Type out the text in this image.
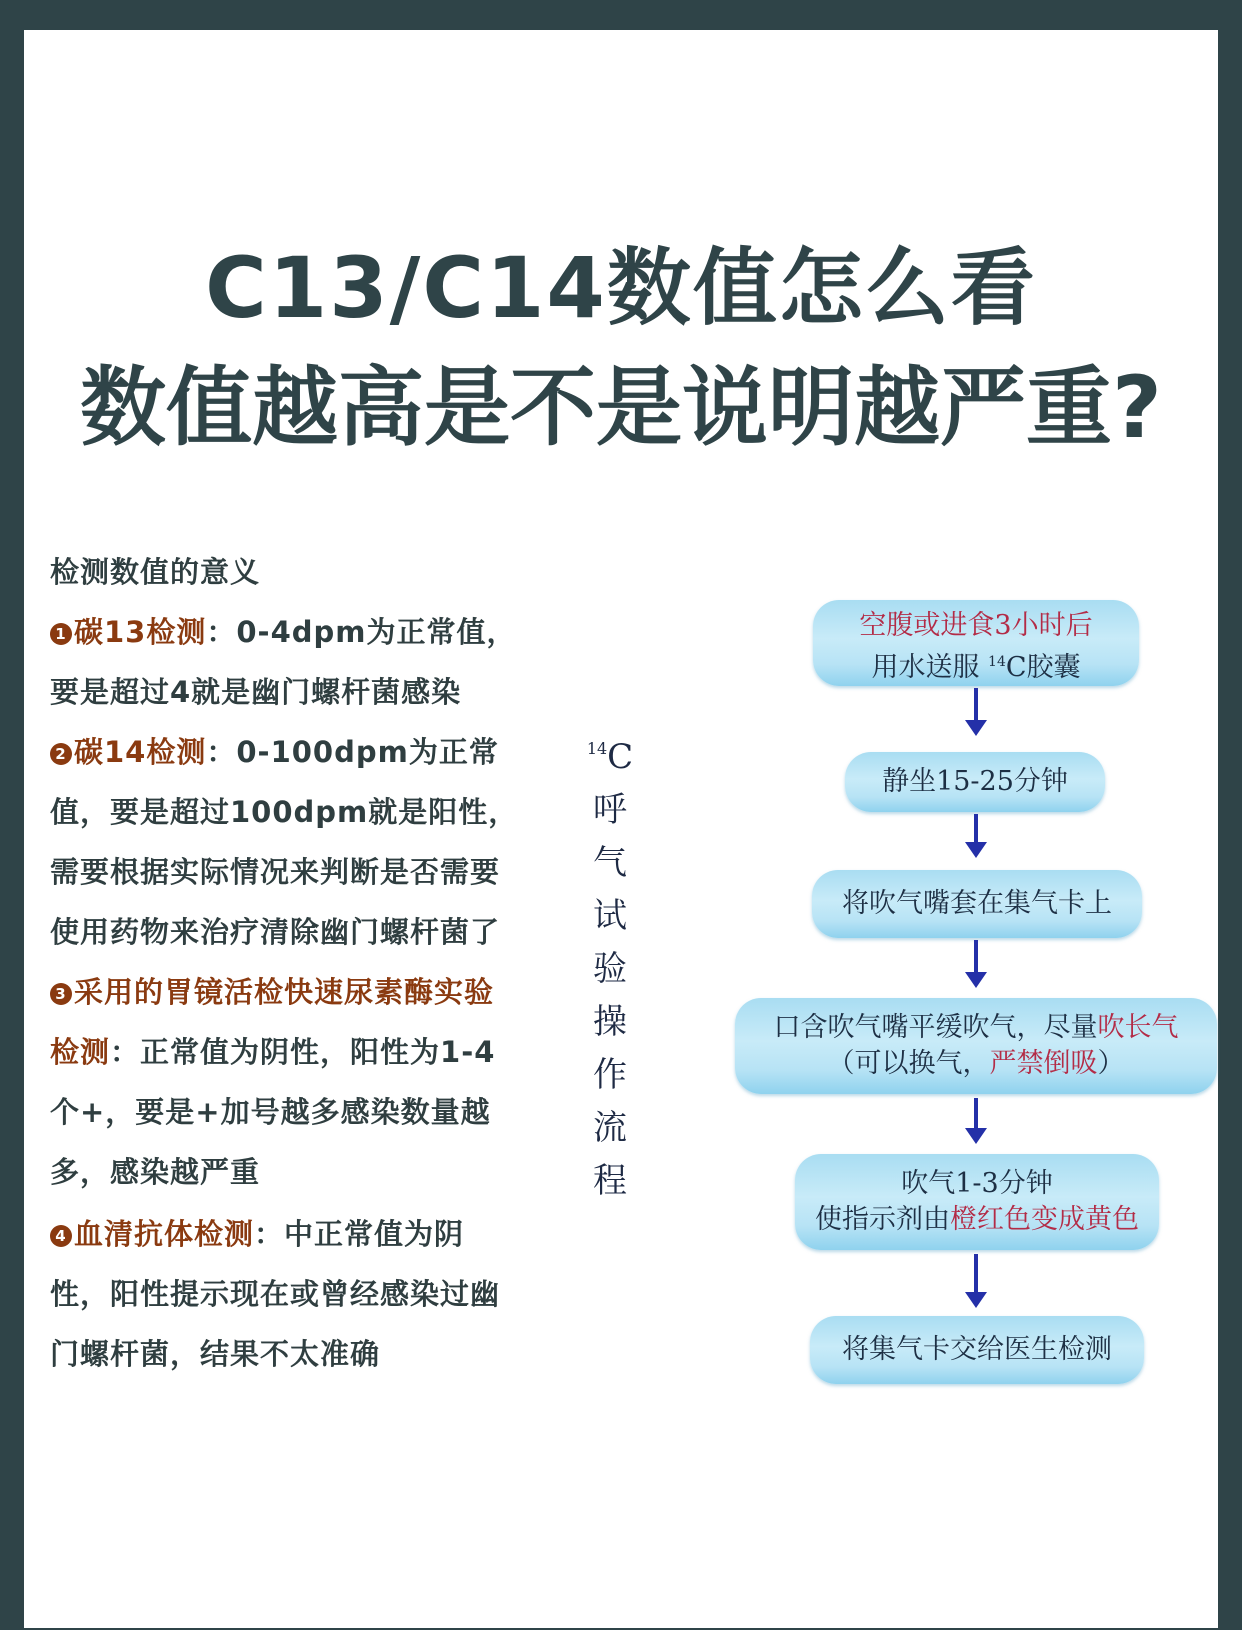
C13/C14数值怎么看
数值越高是不是说明越严重?
检测数值的意义
1 碳13检测：0-4dpm为正常值，
要是超过4就是幽门螺杆菌感染
2 碳14检测：0-100dpm为正常
值，要是超过100dpm就是阳性，
需要根据实际情况来判断是否需要
使用药物来治疗清除幽门螺杆菌了
3 采用的胃镜活检快速尿素酶实验
检测：正常值为阴性，阳性为1-4
个+，要是+加号越多感染数量越
多，感染越严重
4 血清抗体检测：中正常值为阴
性，阳性提示现在或曾经感染过幽
门螺杆菌，结果不太准确
$^{14}$C
呼
气
试
验
操
作
流
程
空腹或进食3小时后
用水送服 $^{14}$C胶囊
静坐15-25分钟
将吹气嘴套在集气卡上
口含吹气嘴平缓吹气，尽量吹长气
（可以换气，严禁倒吸）
吹气1-3分钟
使指示剂由橙红色变成黄色
将集气卡交给医生检测
